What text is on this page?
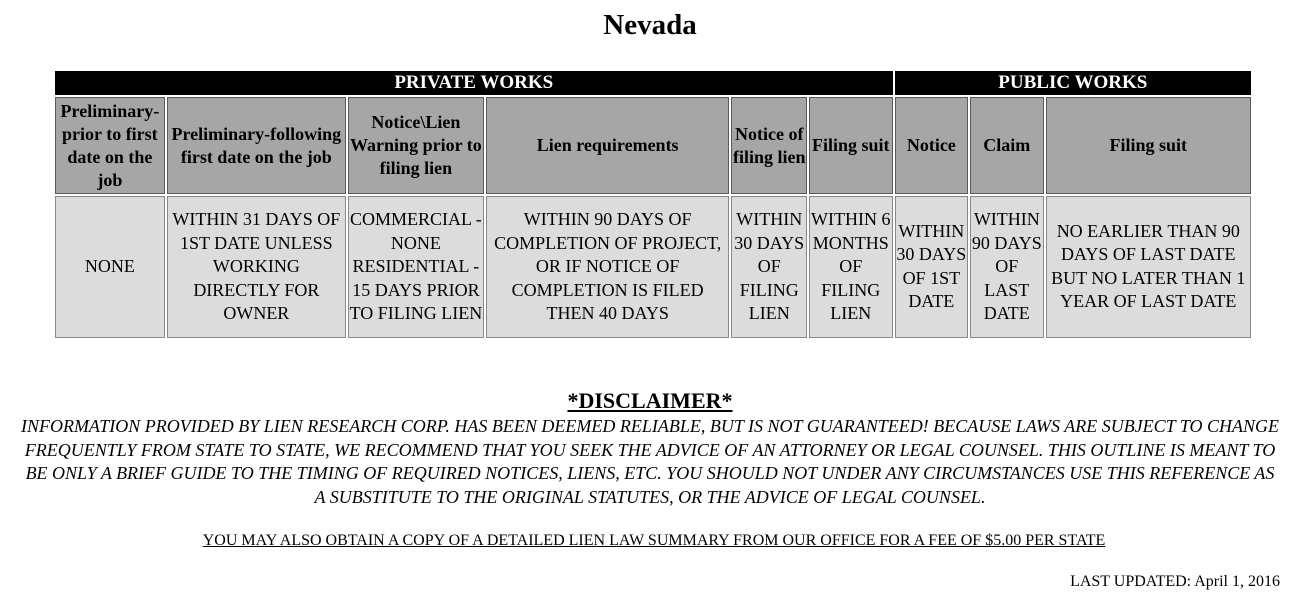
Nevada
PRIVATE WORKS						PUBLIC WORKS		
Preliminary-prior to first date on the job	Preliminary-following first date on the job	Notice\Lien Warning prior to filing lien	Lien requirements	Notice of filing lien	Filing suit	Notice	Claim	Filing suit
NONE	WITHIN 31 DAYS OF 1ST DATE UNLESS WORKING DIRECTLY FOR OWNER	COMMERCIAL - NONE RESIDENTIAL - 15 DAYS PRIOR TO FILING LIEN	WITHIN 90 DAYS OF COMPLETION OF PROJECT, OR IF NOTICE OF COMPLETION IS FILED THEN 40 DAYS	WITHIN 30 DAYS OF FILING LIEN	WITHIN 6 MONTHS OF FILING LIEN	WITHIN 30 DAYS OF 1ST DATE	WITHIN 90 DAYS OF LAST DATE	NO EARLIER THAN 90 DAYS OF LAST DATE BUT NO LATER THAN 1 YEAR OF LAST DATE
*DISCLAIMER*
INFORMATION PROVIDED BY LIEN RESEARCH CORP. HAS BEEN DEEMED RELIABLE, BUT IS NOT GUARANTEED! BECAUSE LAWS ARE SUBJECT TO CHANGE FREQUENTLY FROM STATE TO STATE, WE RECOMMEND THAT YOU SEEK THE ADVICE OF AN ATTORNEY OR LEGAL COUNSEL. THIS OUTLINE IS MEANT TO BE ONLY A BRIEF GUIDE TO THE TIMING OF REQUIRED NOTICES, LIENS, ETC. YOU SHOULD NOT UNDER ANY CIRCUMSTANCES USE THIS REFERENCE AS A SUBSTITUTE TO THE ORIGINAL STATUTES, OR THE ADVICE OF LEGAL COUNSEL.
YOU MAY ALSO OBTAIN A COPY OF A DETAILED LIEN LAW SUMMARY FROM OUR OFFICE FOR A FEE OF $5.00 PER STATE
LAST UPDATED: April 1, 2016
